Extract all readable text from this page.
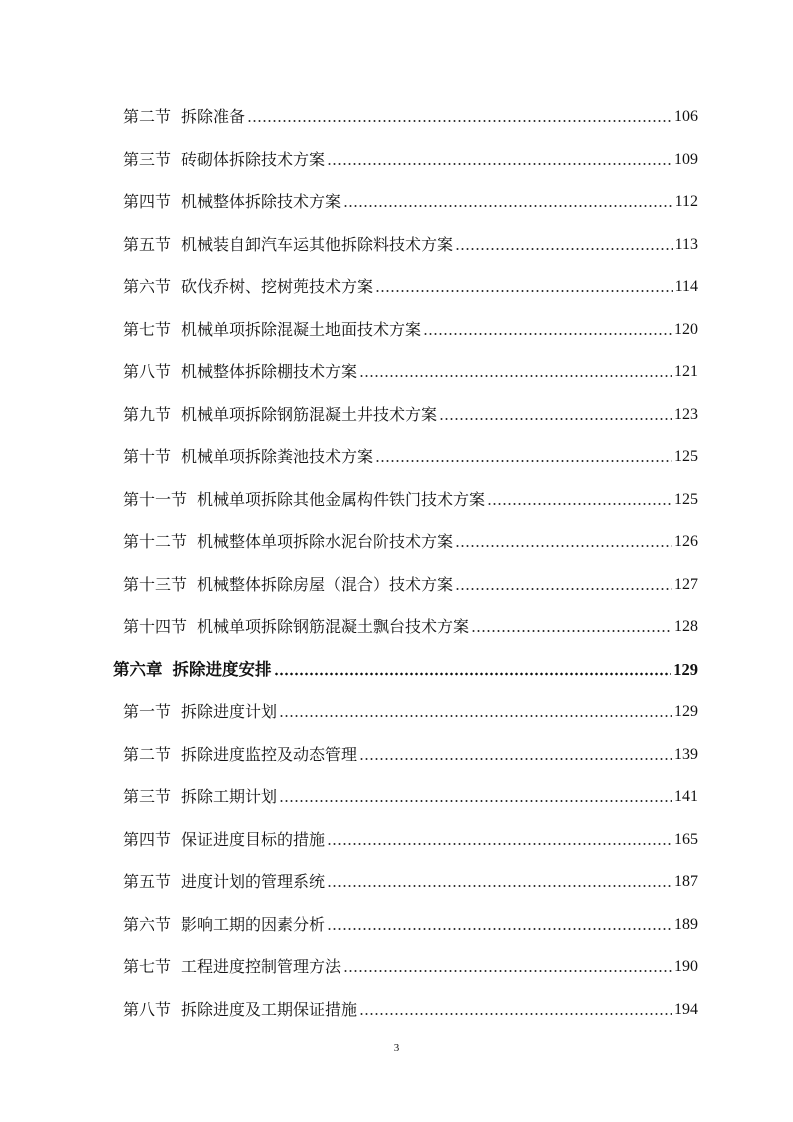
第二节 拆除准备	106
第三节 砖砌体拆除技术方案	109
第四节 机械整体拆除技术方案	112
第五节 机械装自卸汽车运其他拆除料技术方案	113
第六节 砍伐乔树、挖树蔸技术方案	114
第七节 机械单项拆除混凝土地面技术方案	120
第八节 机械整体拆除棚技术方案	121
第九节 机械单项拆除钢筋混凝土井技术方案	123
第十节 机械单项拆除粪池技术方案	125
第十一节 机械单项拆除其他金属构件铁门技术方案	125
第十二节 机械整体单项拆除水泥台阶技术方案	126
第十三节 机械整体拆除房屋（混合）技术方案	127
第十四节 机械单项拆除钢筋混凝土飘台技术方案	128
第六章 拆除进度安排	129
第一节 拆除进度计划	129
第二节 拆除进度监控及动态管理	139
第三节 拆除工期计划	141
第四节 保证进度目标的措施	165
第五节 进度计划的管理系统	187
第六节 影响工期的因素分析	189
第七节 工程进度控制管理方法	190
第八节 拆除进度及工期保证措施	194
3
